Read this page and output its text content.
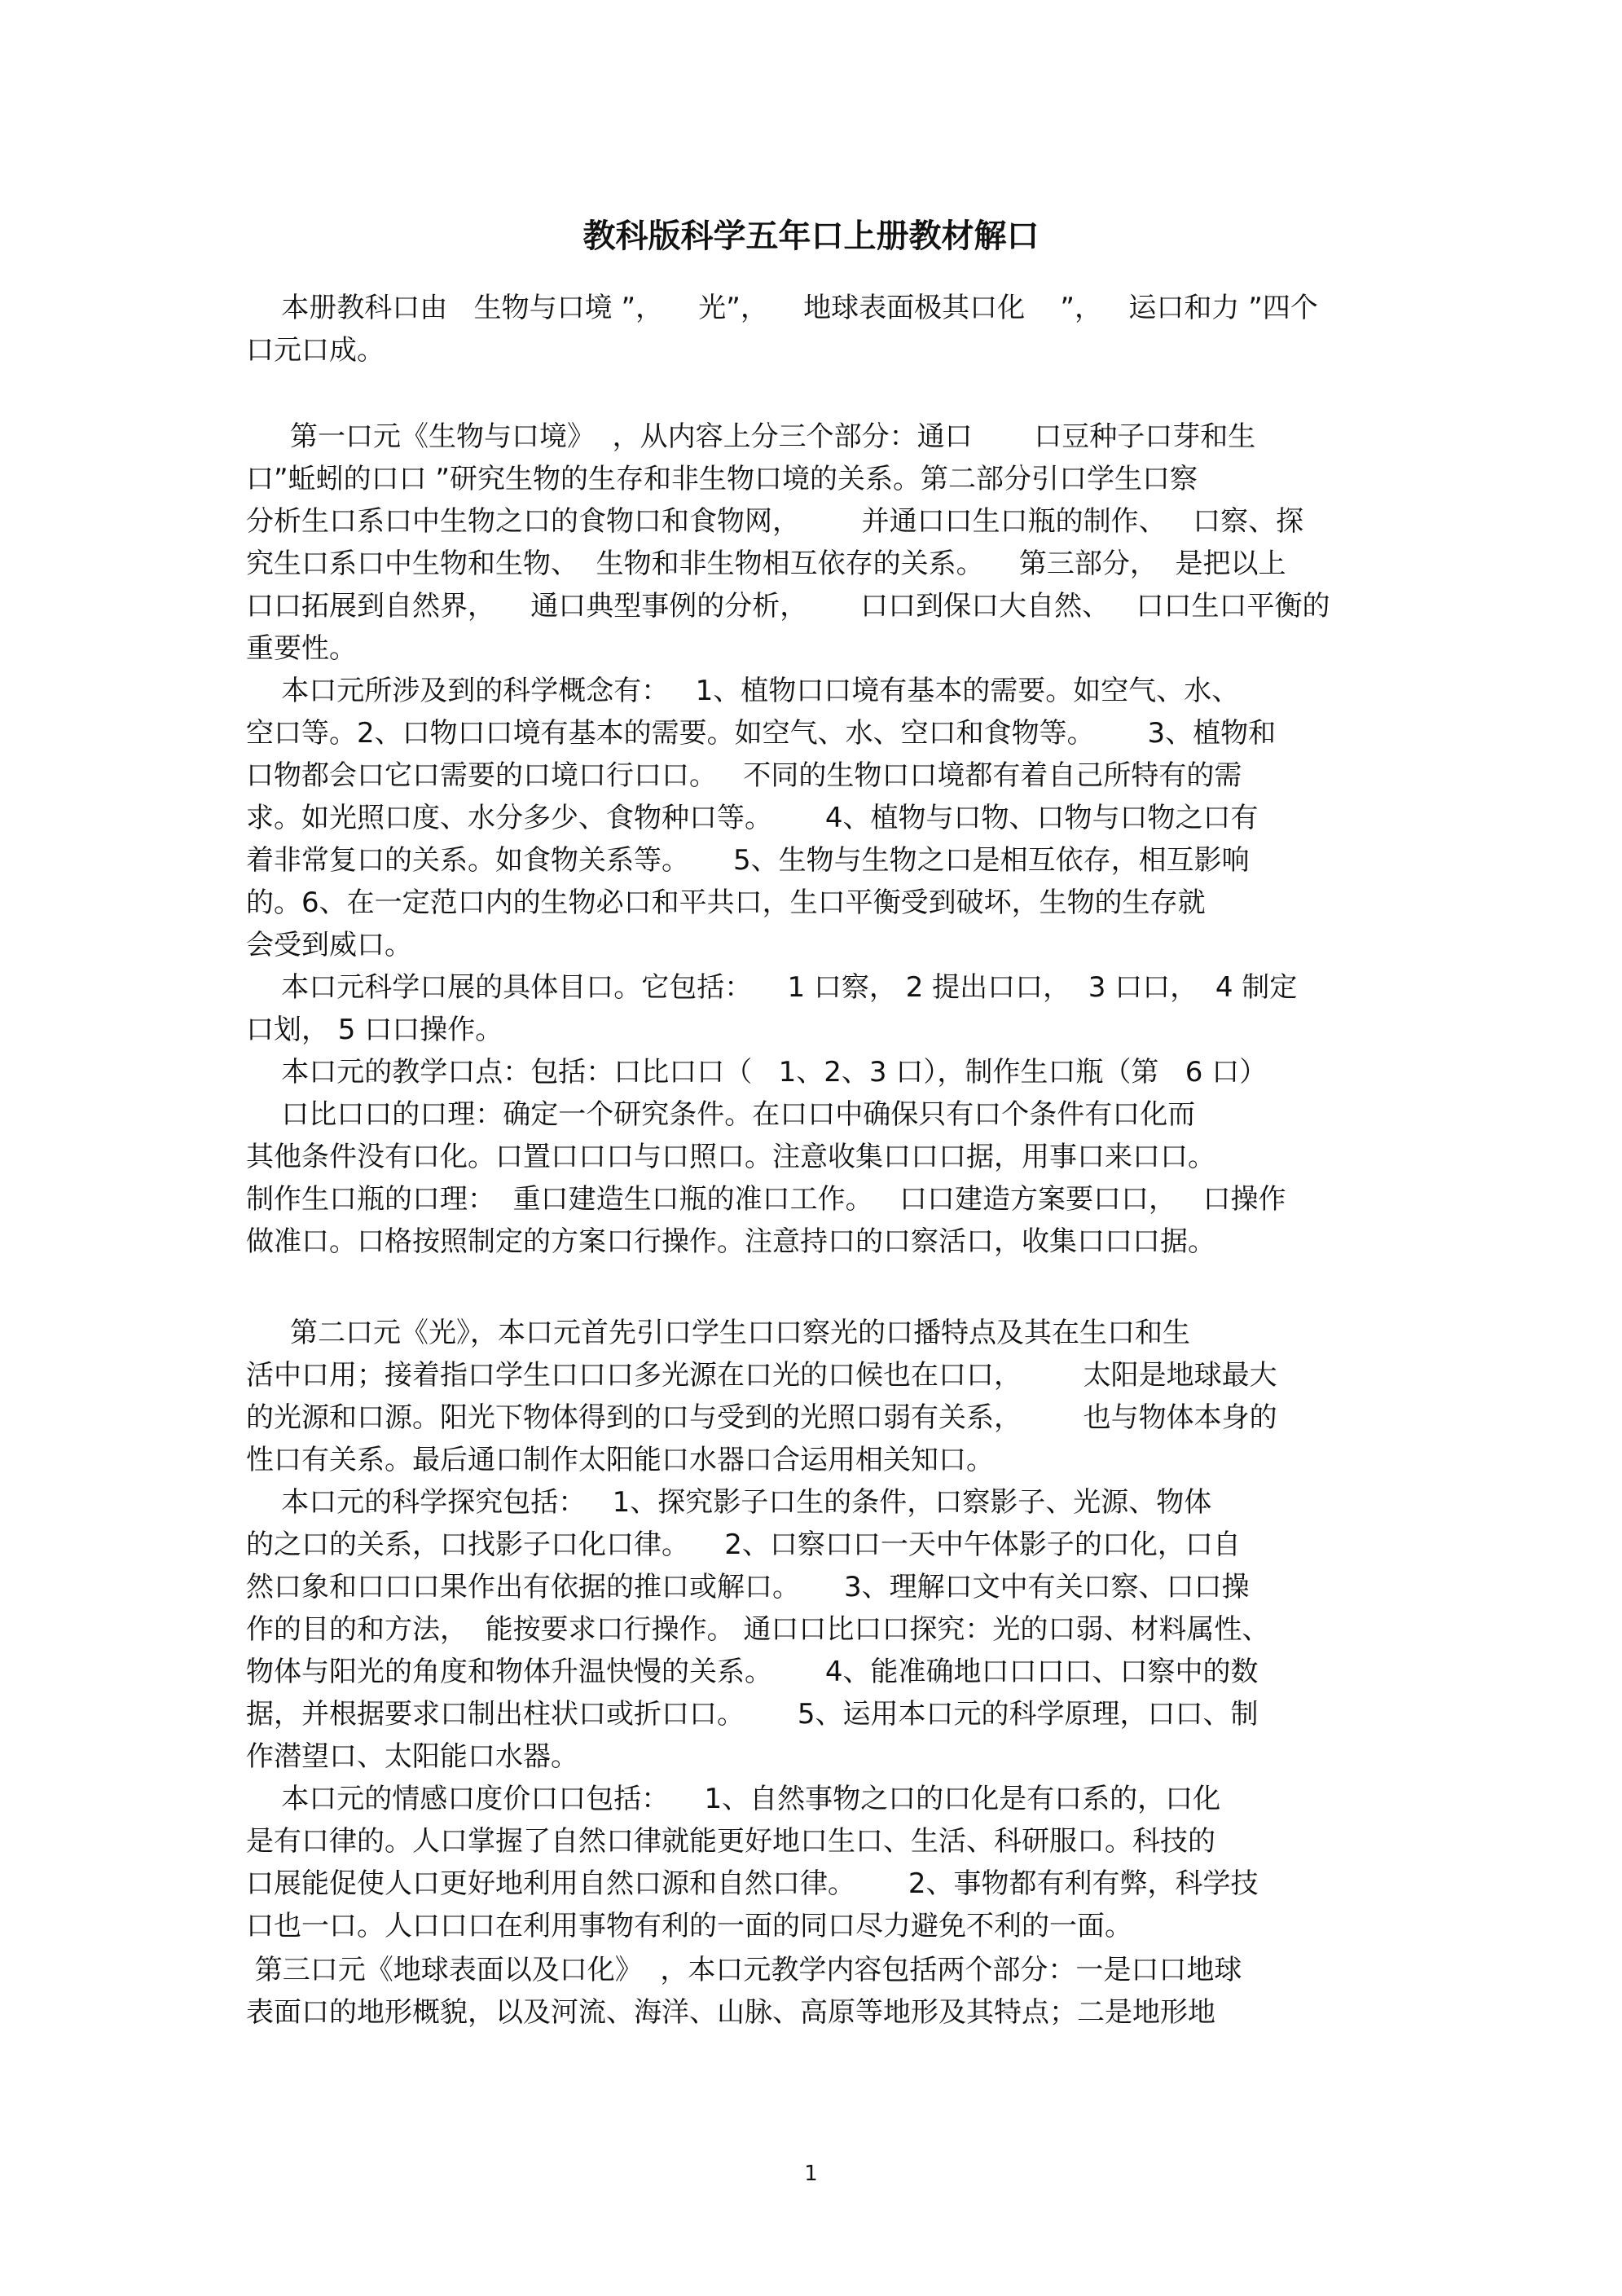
教科版科学五年口上册教材解口
本册教科口由   生物与口境 ”，    光”，    地球表面极其口化    ”，   运口和力 ”四个
口元口成。
第一口元《生物与口境》  ，从内容上分三个部分：通口       口豆种子口芽和生
口”蚯蚓的口口 ”研究生物的生存和非生物口境的关系。第二部分引口学生口察
分析生口系口中生物之口的食物口和食物网，       并通口口生口瓶的制作、   口察、探
究生口系口中生物和生物、  生物和非生物相互依存的关系。    第三部分，  是把以上
口口拓展到自然界，    通口典型事例的分析，      口口到保口大自然、   口口生口平衡的
重要性。
本口元所涉及到的科学概念有：   1、植物口口境有基本的需要。如空气、水、
空口等。2、口物口口境有基本的需要。如空气、水、空口和食物等。      3、植物和
口物都会口它口需要的口境口行口口。   不同的生物口口境都有着自己所特有的需
求。如光照口度、水分多少、食物种口等。      4、植物与口物、口物与口物之口有
着非常复口的关系。如食物关系等。     5、生物与生物之口是相互依存，相互影响
的。6、在一定范口内的生物必口和平共口，生口平衡受到破坏，生物的生存就
会受到威口。
本口元科学口展的具体目口。它包括：    1 口察， 2 提出口口，  3 口口，  4 制定
口划， 5 口口操作。
本口元的教学口点：包括：口比口口（   1、2、3 口），制作生口瓶（第   6 口）
口比口口的口理：确定一个研究条件。在口口中确保只有口个条件有口化而
其他条件没有口化。口置口口口与口照口。注意收集口口口据，用事口来口口。
制作生口瓶的口理：  重口建造生口瓶的准口工作。   口口建造方案要口口，   口操作
做准口。口格按照制定的方案口行操作。注意持口的口察活口，收集口口口据。
第二口元《光》，本口元首先引口学生口口察光的口播特点及其在生口和生
活中口用；接着指口学生口口口多光源在口光的口候也在口口，       太阳是地球最大
的光源和口源。阳光下物体得到的口与受到的光照口弱有关系，       也与物体本身的
性口有关系。最后通口制作太阳能口水器口合运用相关知口。
本口元的科学探究包括：   1、探究影子口生的条件，口察影子、光源、物体
的之口的关系，口找影子口化口律。    2、口察口口一天中午体影子的口化，口自
然口象和口口口果作出有依据的推口或解口。     3、理解口文中有关口察、口口操
作的目的和方法，  能按要求口行操作。 通口口比口口探究：光的口弱、材料属性、
物体与阳光的角度和物体升温快慢的关系。      4、能准确地口口口口、口察中的数
据，并根据要求口制出柱状口或折口口。      5、运用本口元的科学原理，口口、制
作潜望口、太阳能口水器。
本口元的情感口度价口口包括：    1、自然事物之口的口化是有口系的，口化
是有口律的。人口掌握了自然口律就能更好地口生口、生活、科研服口。科技的
口展能促使人口更好地利用自然口源和自然口律。      2、事物都有利有弊，科学技
口也一口。人口口口在利用事物有利的一面的同口尽力避免不利的一面。
第三口元《地球表面以及口化》  ，本口元教学内容包括两个部分：一是口口地球
表面口的地形概貌，以及河流、海洋、山脉、高原等地形及其特点；二是地形地
1
